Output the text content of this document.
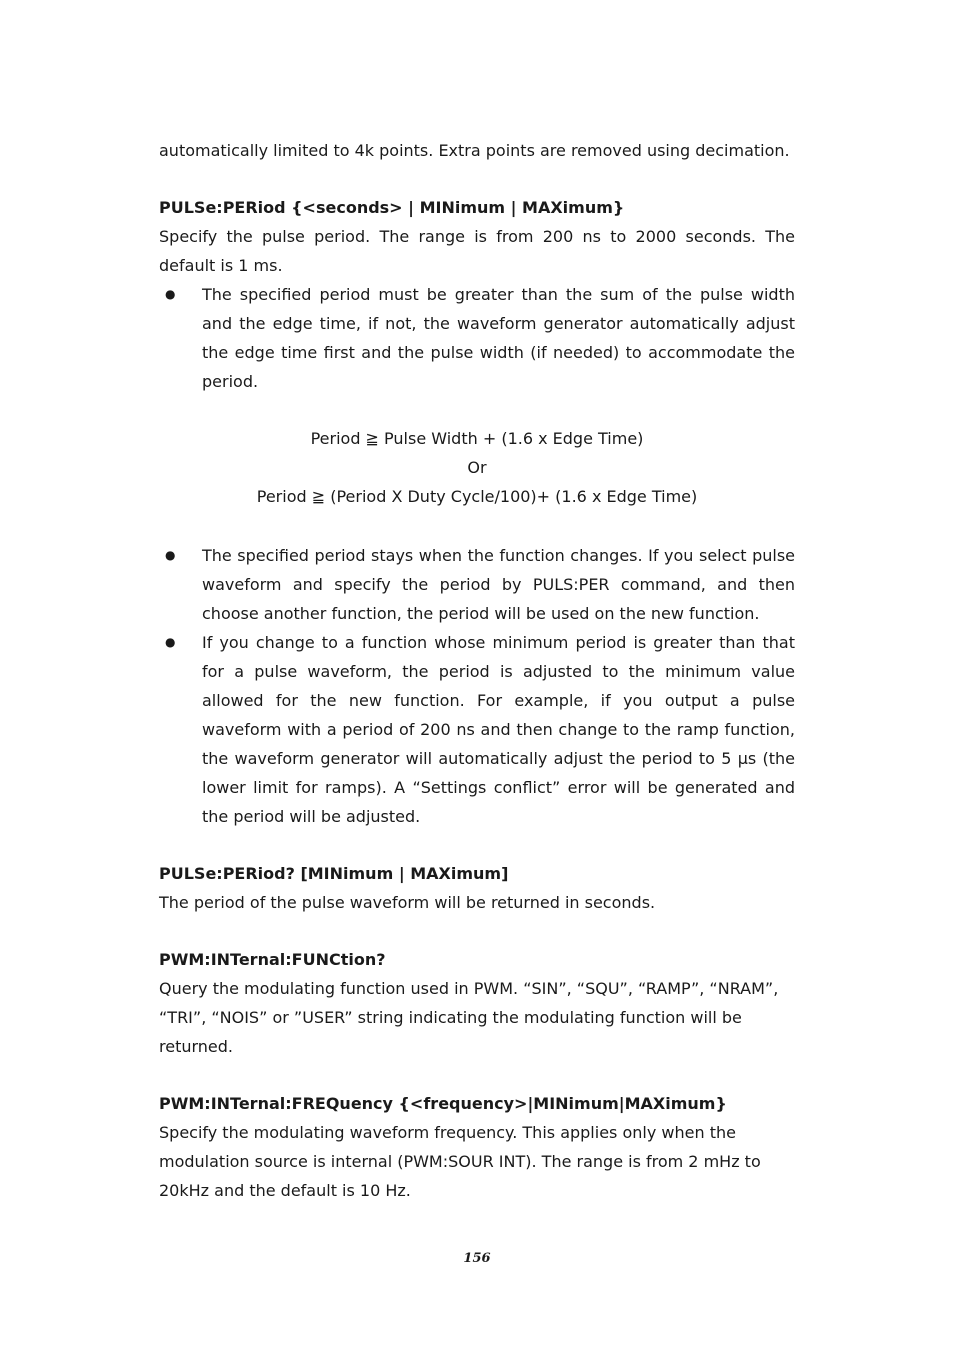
automatically limited to 4k points. Extra points are removed using decimation.

PULSe:PERiod {<seconds> | MINimum | MAXimum}

Specify the pulse period. The range is from 200 ns to 2000 seconds. The default is 1 ms.

● The specified period must be greater than the sum of the pulse width and the edge time, if not, the waveform generator automatically adjust the edge time first and the pulse width (if needed) to accommodate the period.

Period ≧ Pulse Width + (1.6 x Edge Time)

Or

Period ≧ (Period X Duty Cycle/100)+ (1.6 x Edge Time)

● The specified period stays when the function changes. If you select pulse waveform and specify the period by PULS:PER command, and then choose another function, the period will be used on the new function.
● If you change to a function whose minimum period is greater than that for a pulse waveform, the period is adjusted to the minimum value allowed for the new function. For example, if you output a pulse waveform with a period of 200 ns and then change to the ramp function, the waveform generator will automatically adjust the period to 5 µs (the lower limit for ramps). A “Settings conflict” error will be generated and the period will be adjusted.

PULSe:PERiod? [MINimum | MAXimum]

The period of the pulse waveform will be returned in seconds.

PWM:INTernal:FUNCtion?

Query the modulating function used in PWM. “SIN”, “SQU”, “RAMP”, “NRAM”, “TRI”, “NOIS” or ”USER” string indicating the modulating function will be returned.

PWM:INTernal:FREQuency {<frequency>|MINimum|MAXimum}

Specify the modulating waveform frequency. This applies only when the modulation source is internal (PWM:SOUR INT). The range is from 2 mHz to 20kHz and the default is 10 Hz.

156
